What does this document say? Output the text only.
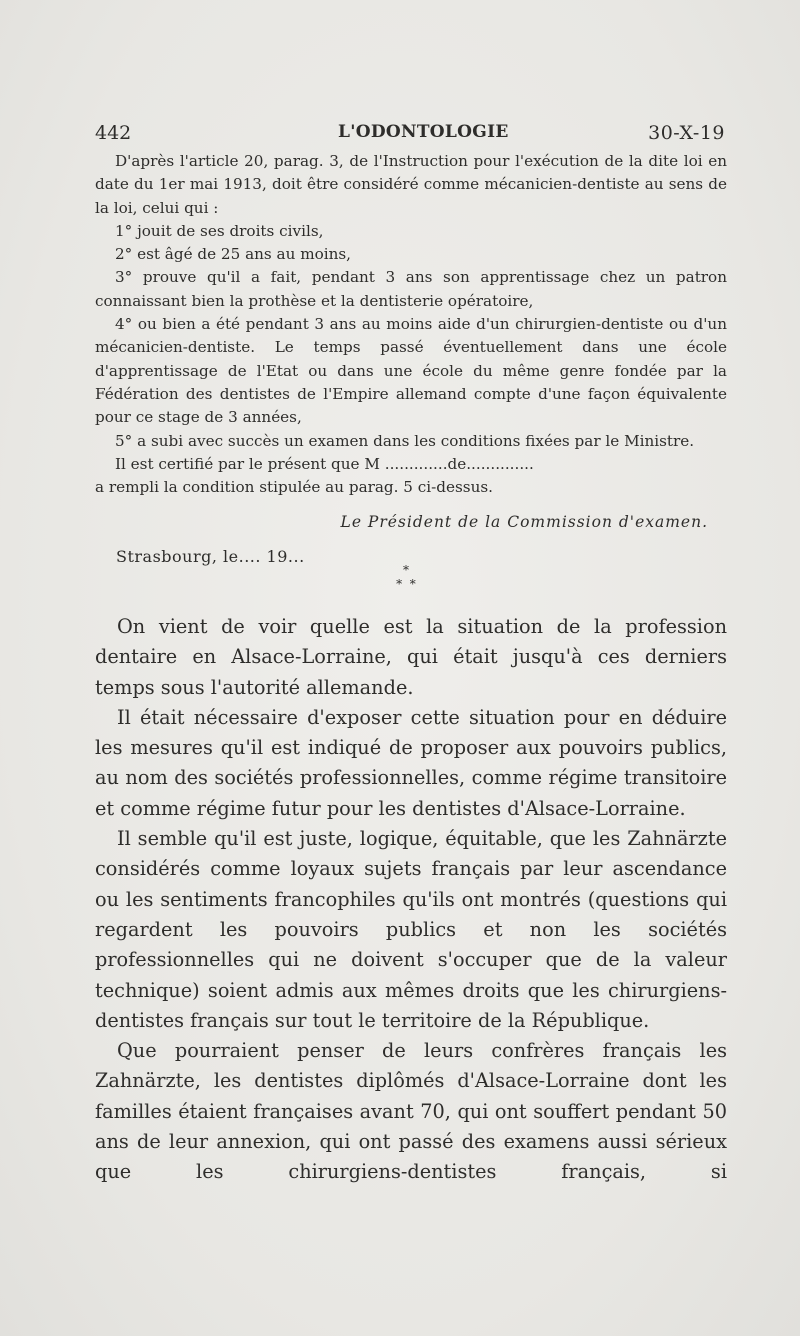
442	L'ODONTOLOGIE	30-X-19

D'après l'article 20, parag. 3, de l'Instruction pour l'exécution de la dite loi en date du 1er mai 1913, doit être considéré comme mécanicien-dentiste au sens de la loi, celui qui :

1° jouit de ses droits civils,

2° est âgé de 25 ans au moins,

3° prouve qu'il a fait, pendant 3 ans son apprentissage chez un patron connaissant bien la prothèse et la dentisterie opératoire,

4° ou bien a été pendant 3 ans au moins aide d'un chirurgien-dentiste ou d'un mécanicien-dentiste. Le temps passé éventuellement dans une école d'apprentissage de l'Etat ou dans une école du même genre fondée par la Fédération des dentistes de l'Empire allemand compte d'une façon équivalente pour ce stage de 3 années,

5° a subi avec succès un examen dans les conditions fixées par le Ministre.

Il est certifié par le présent que M .............de..............

a rempli la condition stipulée au parag. 5 ci-dessus.

Le Président de la Commission d'examen.
Strasbourg, le.... 19...
*
*  *

On vient de voir quelle est la situation de la profession dentaire en Alsace-Lorraine, qui était jusqu'à ces derniers temps sous l'autorité allemande.

Il était nécessaire d'exposer cette situation pour en déduire les mesures qu'il est indiqué de proposer aux pouvoirs publics, au nom des sociétés professionnelles, comme régime transitoire et comme régime futur pour les dentistes d'Alsace-Lorraine.

Il semble qu'il est juste, logique, équitable, que les Zahnärzte considérés comme loyaux sujets français par leur ascendance ou les sentiments francophiles qu'ils ont montrés (questions qui regardent les pouvoirs publics et non les sociétés professionnelles qui ne doivent s'occuper que de la valeur technique) soient admis aux mêmes droits que les chirurgiens-dentistes français sur tout le territoire de la République.

Que pourraient penser de leurs confrères français les Zahnärzte, les dentistes diplômés d'Alsace-Lorraine dont les familles étaient françaises avant 70, qui ont souffert pendant 50 ans de leur annexion, qui ont passé des examens aussi sérieux que les chirurgiens-dentistes français, si
